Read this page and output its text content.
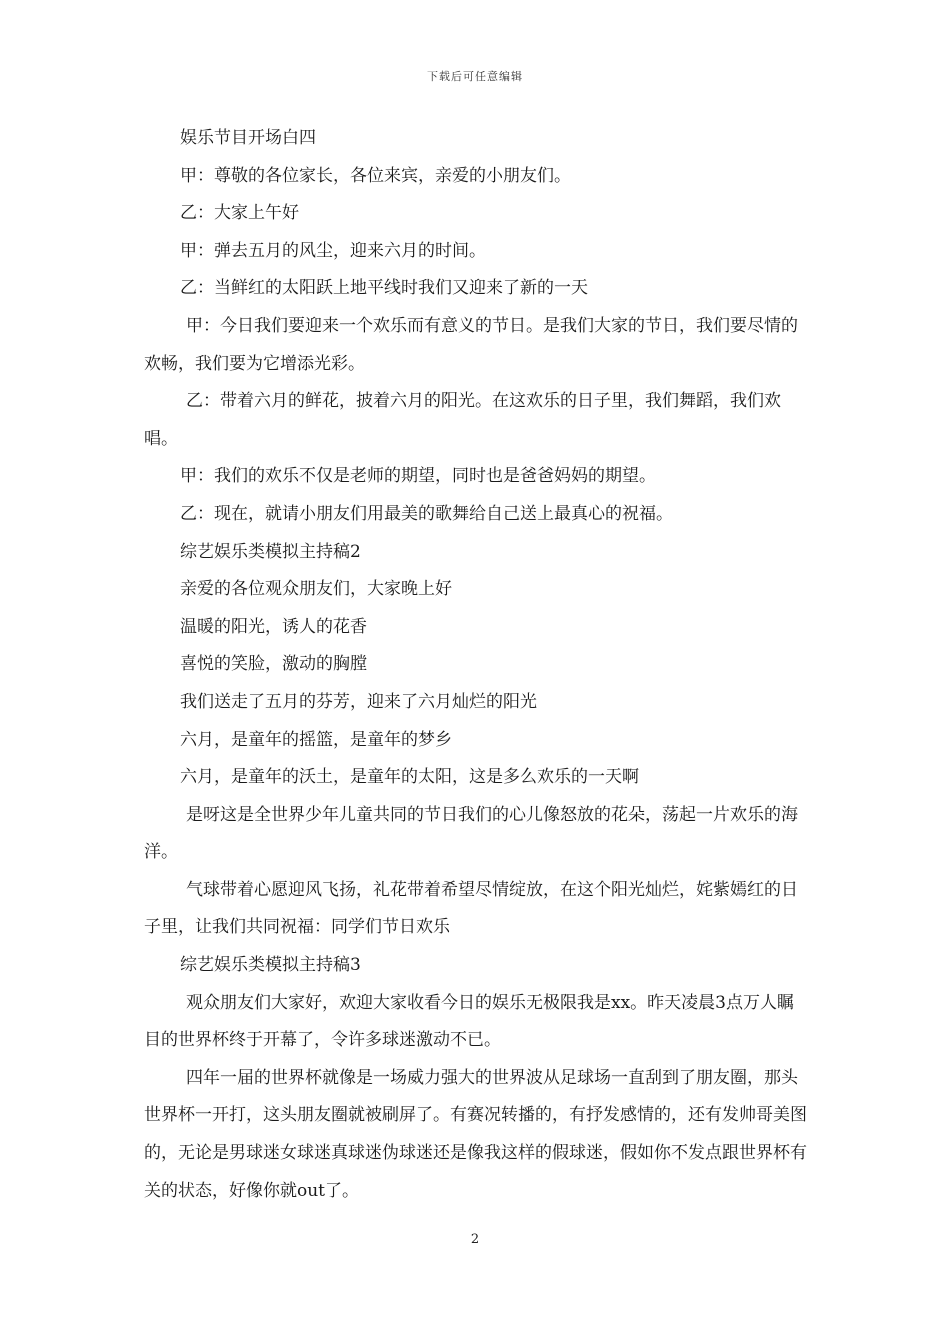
下载后可任意编辑

娱乐节目开场白四

甲：尊敬的各位家长，各位来宾，亲爱的小朋友们。

乙：大家上午好

甲：弹去五月的风尘，迎来六月的时间。

乙：当鲜红的太阳跃上地平线时我们又迎来了新的一天

甲：今日我们要迎来一个欢乐而有意义的节日。是我们大家的节日，我们要尽情的欢畅，我们要为它增添光彩。

乙：带着六月的鲜花，披着六月的阳光。在这欢乐的日子里，我们舞蹈，我们欢唱。

甲：我们的欢乐不仅是老师的期望，同时也是爸爸妈妈的期望。

乙：现在，就请小朋友们用最美的歌舞给自己送上最真心的祝福。

综艺娱乐类模拟主持稿2

亲爱的各位观众朋友们，大家晚上好

温暖的阳光，诱人的花香

喜悦的笑脸，激动的胸膛

我们送走了五月的芬芳，迎来了六月灿烂的阳光

六月，是童年的摇篮，是童年的梦乡

六月，是童年的沃土，是童年的太阳，这是多么欢乐的一天啊

是呀这是全世界少年儿童共同的节日我们的心儿像怒放的花朵，荡起一片欢乐的海洋。

气球带着心愿迎风飞扬，礼花带着希望尽情绽放，在这个阳光灿烂，姹紫嫣红的日子里，让我们共同祝福：同学们节日欢乐

综艺娱乐类模拟主持稿3

观众朋友们大家好，欢迎大家收看今日的娱乐无极限我是xx。昨天凌晨3点万人瞩目的世界杯终于开幕了，令许多球迷激动不已。

四年一届的世界杯就像是一场威力强大的世界波从足球场一直刮到了朋友圈，那头世界杯一开打，这头朋友圈就被刷屏了。有赛况转播的，有抒发感情的，还有发帅哥美图的，无论是男球迷女球迷真球迷伪球迷还是像我这样的假球迷，假如你不发点跟世界杯有关的状态，好像你就out了。

2
